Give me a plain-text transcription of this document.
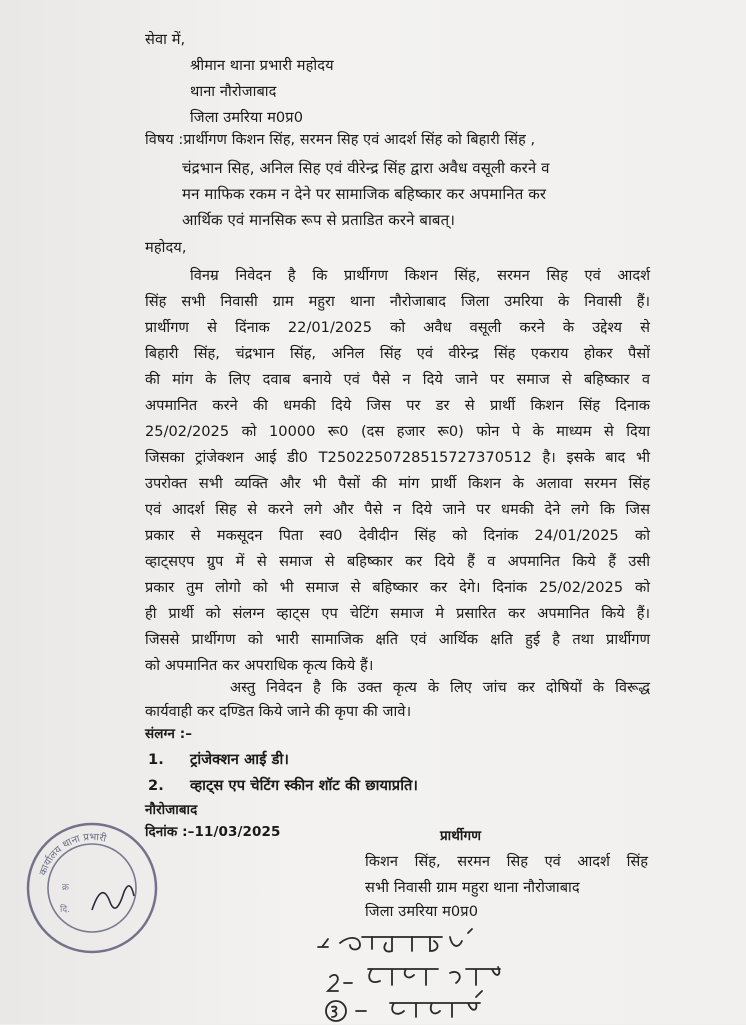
सेवा में,
श्रीमान थाना प्रभारी महोदय
थाना नौरोजाबाद
जिला उमरिया म0प्र0
विषय :प्रार्थीगण किशन सिंह, सरमन सिह एवं आदर्श सिंह को बिहारी सिंह ,
चंद्रभान सिह, अनिल सिह एवं वीरेन्द्र सिंह द्वारा अवैध वसूली करने व
मन माफिक रकम न देने पर सामाजिक बहिष्कार कर अपमानित कर
आर्थिक एवं मानसिक रूप से प्रताडित करने बाबत्।
महोदय,
विनम्र निवेदन है कि प्रार्थीगण किशन सिंह, सरमन सिह एवं आदर्श
सिंह सभी निवासी ग्राम महुरा थाना नौरोजाबाद जिला उमरिया के निवासी हैं।
प्रार्थीगण से दिंनाक 22/01/2025 को अवैध वसूली करने के उद्देश्य से
बिहारी सिंह, चंद्रभान सिंह, अनिल सिंह एवं वीरेन्द्र सिंह एकराय होकर पैसों
की मांग के लिए दवाब बनाये एवं पैसे न दिये जाने पर समाज से बहिष्कार व
अपमानित करने की धमकी दिये जिस पर डर से प्रार्थी किशन सिंह दिनाक
25/02/2025 को 10000 रू0 (दस हजार रू0) फोन पे के माध्यम से दिया
जिसका ट्रांजेक्शन आई डी0 T2502250728515727370512 है। इसके बाद भी
उपरोक्त सभी व्यक्ति और भी पैसों की मांग प्रार्थी किशन के अलावा सरमन सिंह
एवं आदर्श सिह से करने लगे और पैसे न दिये जाने पर धमकी देने लगे कि जिस
प्रकार से मकसूदन पिता स्व0 देवीदीन सिंह को दिनांक 24/01/2025 को
व्हाट्सएप ग्रुप में से समाज से बहिष्कार कर दिये हैं व अपमानित किये हैं उसी
प्रकार तुम लोगो को भी समाज से बहिष्कार कर देगे। दिनांक 25/02/2025 को
ही प्रार्थी को संलग्न व्हाट्स एप चेटिंग समाज मे प्रसारित कर अपमानित किये हैं।
जिससे प्रार्थीगण को भारी सामाजिक क्षति एवं आर्थिक क्षति हुई है तथा प्रार्थीगण
को अपमानित कर अपराधिक कृत्य किये हैं।
अस्तु निवेदन है कि उक्त कृत्य के लिए जांच कर दोषियों के विरूद्ध
कार्यवाही कर दण्डित किये जाने की कृपा की जावे।
संलग्न :–
1. ट्रांजेक्शन आई डी।
2. व्हाट्स एप चेटिंग स्कीन शॉट की छायाप्रति।
नौरोजाबाद
दिनांक :–11/03/2025	प्रार्थीगण
किशन सिंह, सरमन सिह एवं आदर्श सिंह
सभी निवासी ग्राम महुरा थाना नौरोजाबाद
जिला उमरिया म0प्र0
कार्यालय थाना प्रभारी
क्र
दि.
